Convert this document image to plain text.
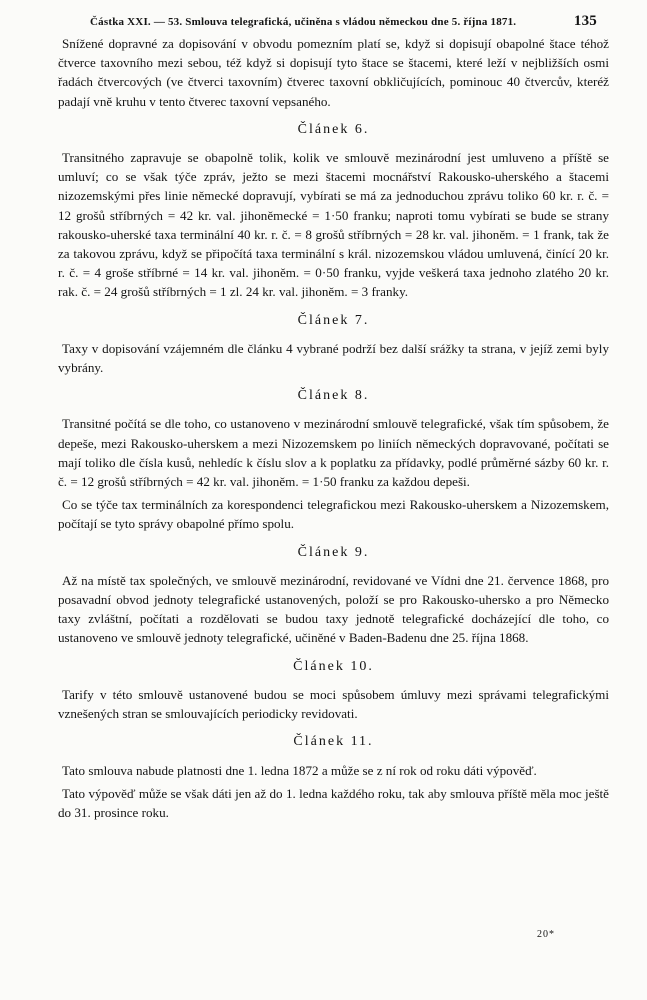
Částka XXI. — 53. Smlouva telegrafická, učiněna s vládou německou dne 5. října 1871.	135

Snížené dopravné za dopisování v obvodu pomezním platí se, když si dopisují obapolné štace téhož čtverce taxovního mezi sebou, též když si dopisují tyto štace se štacemi, které leží v nejbližších osmi řadách čtvercových (ve čtverci taxovním) čtverec taxovní obkličujících, pominouc 40 čtvercův, kteréž padají vně kruhu v tento čtverec taxovní vepsaného.

Článek 6.

Transitného zapravuje se obapolně tolik, kolik ve smlouvě mezinárodní jest umluveno a příště se umluví; co se však týče zpráv, ježto se mezi štacemi mocnářství Rakousko-uherského a štacemi nizozemskými přes linie německé dopravují, vybírati se má za jednoduchou zprávu toliko 60 kr. r. č. = 12 grošů stříbrných = 42 kr. val. jihoněmecké = 1·50 franku; naproti tomu vybírati se bude se strany rakousko-uherské taxa terminální 40 kr. r. č. = 8 grošů stříbrných = 28 kr. val. jihoněm. = 1 frank, tak že za takovou zprávu, když se připočítá taxa terminální s král. nizozemskou vládou umluvená, činící 20 kr. r. č. = 4 groše stříbrné = 14 kr. val. jihoněm. = 0·50 franku, vyjde veškerá taxa jednoho zlatého 20 kr. rak. č. = 24 grošů stříbrných = 1 zl. 24 kr. val. jihoněm. = 3 franky.

Článek 7.

Taxy v dopisování vzájemném dle článku 4 vybrané podrží bez další srážky ta strana, v jejíž zemi byly vybrány.

Článek 8.

Transitné počítá se dle toho, co ustanoveno v mezinárodní smlouvě telegrafické, však tím spůsobem, že depeše, mezi Rakousko-uherskem a mezi Nizozemskem po liniích německých dopravované, počítati se mají toliko dle čísla kusů, nehledíc k číslu slov a k poplatku za přídavky, podlé průměrné sázby 60 kr. r. č. = 12 grošů stříbrných = 42 kr. val. jihoněm. = 1·50 franku za každou depeši.

Co se týče tax terminálních za korespondenci telegrafickou mezi Rakousko-uherskem a Nizozemskem, počítají se tyto správy obapolné přímo spolu.

Článek 9.

Až na místě tax společných, ve smlouvě mezinárodní, revidované ve Vídni dne 21. července 1868, pro posavadní obvod jednoty telegrafické ustanovených, položí se pro Rakousko-uhersko a pro Německo taxy zvláštní, počítati a rozdělovati se budou taxy jednotě telegrafické docházející dle toho, co ustanoveno ve smlouvě jednoty telegrafické, učiněné v Baden-Badenu dne 25. října 1868.

Článek 10.

Tarify v této smlouvě ustanovené budou se moci spůsobem úmluvy mezi správami telegrafickými vznešených stran se smlouvajících periodicky revidovati.

Článek 11.

Tato smlouva nabude platnosti dne 1. ledna 1872 a může se z ní rok od roku dáti výpověď.

Tato výpověď může se však dáti jen až do 1. ledna každého roku, tak aby smlouva příště měla moc ještě do 31. prosince roku.

20*
